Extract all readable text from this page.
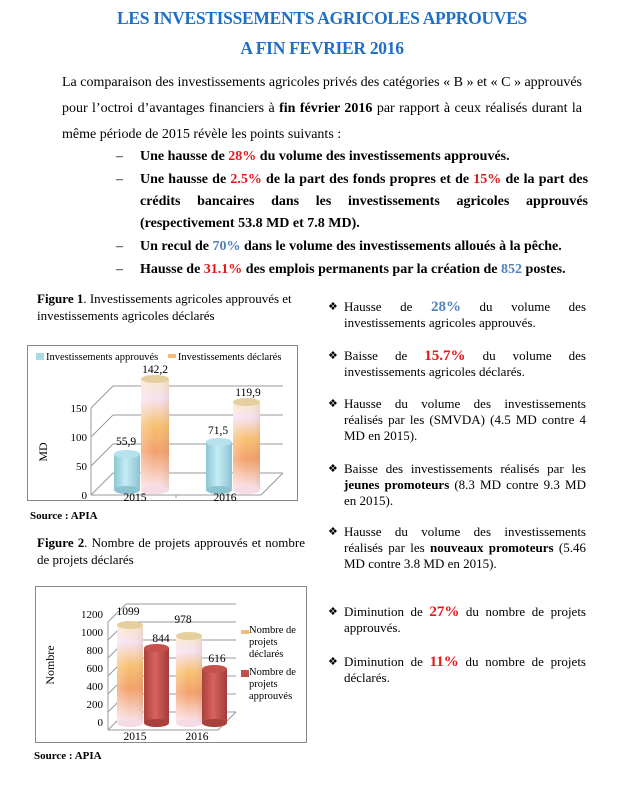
LES INVESTISSEMENTS AGRICOLES APPROUVES
A FIN FEVRIER 2016

La comparaison des investissements agricoles privés des catégories « B » et « C » approuvés pour l’octroi d’avantages financiers à fin février 2016 par rapport à ceux réalisés durant la même période de 2015 révèle les points suivants :

– Une hausse de 28% du volume des investissements approuvés.
– Une hausse de 2.5% de la part des fonds propres et de 15% de la part des crédits bancaires dans les investissements agricoles approuvés (respectivement 53.8 MD et 7.8 MD).
– Un recul de 70% dans le volume des investissements alloués à la pêche.
– Hausse de 31.1% des emplois permanents par la création de 852 postes.
Figure 1. Investissements agricoles approuvés et investissements agricoles déclarés
Investissements approuvés Investissements déclarés
150
100
50
0
MD
55,9
142,2
71,5
119,9
2015	2016
Source : APIA
Figure 2. Nombre de projets approuvés et nombre de projets déclarés
1200
1000
800
600
400
200
0
Nombre
1099
844
978
616
2015	2016
Nombre de
projets
déclarés
Nombre de
projets
approuvés
Source : APIA
❖ Hausse de 28% du volume des investissements agricoles approuvés.
❖ Baisse de 15.7% du volume des investissements agricoles déclarés.
❖ Hausse du volume des investissements réalisés par les (SMVDA) (4.5 MD contre 4 MD en 2015).
❖ Baisse des investissements réalisés par les jeunes promoteurs (8.3 MD contre 9.3 MD en 2015).
❖ Hausse du volume des investissements réalisés par les nouveaux promoteurs (5.46 MD contre 3.8 MD en 2015).
❖ Diminution de 27% du nombre de projets approuvés.
❖ Diminution de 11% du nombre de projets déclarés.
